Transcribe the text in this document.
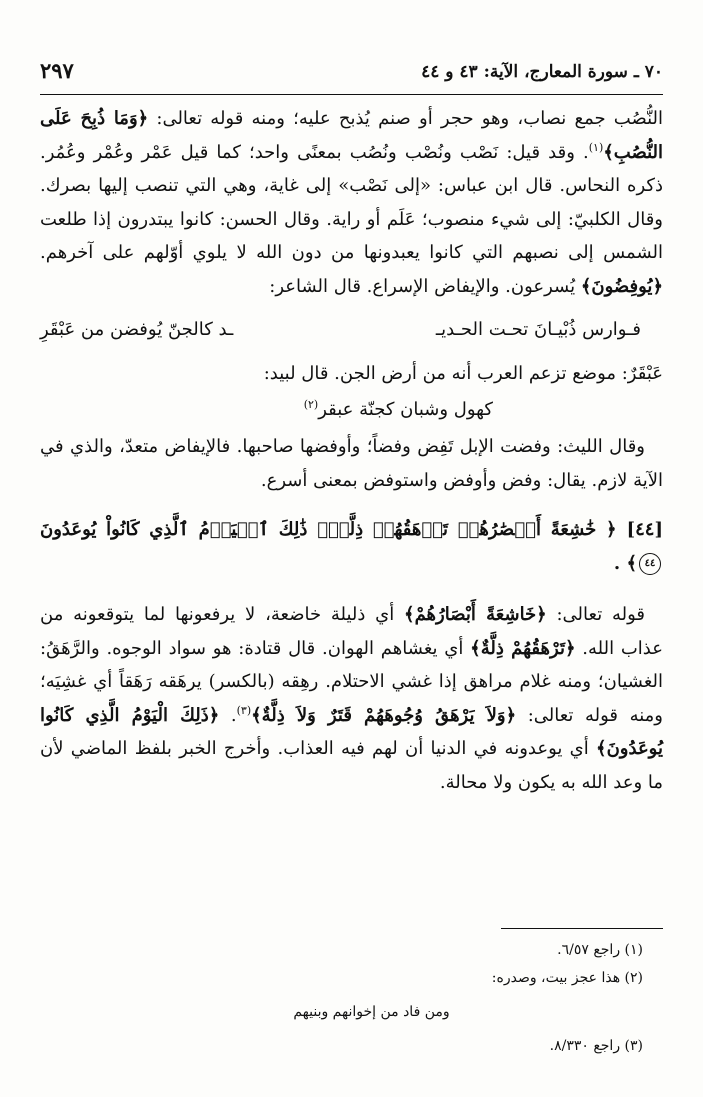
٧٠ ـ سورة المعارج، الآية: ٤٣ و ٤٤
٢٩٧

النُّصُب جمع نصاب، وهو حجر أو صنم يُذبح عليه؛ ومنه قوله تعالى: ﴿وَمَا ذُبِحَ عَلَى النُّصُبِ﴾$^{(١)}$. وقد قيل: نَصْب ونُصْب ونُصُب بمعنًى واحد؛ كما قيل عَمْر وعُمْر وعُمُر. ذكره النحاس. قال ابن عباس: «إلى نَصْب» إلى غاية، وهي التي تنصب إليها بصرك. وقال الكلبيّ: إلى شيء منصوب؛ عَلَم أو راية. وقال الحسن: كانوا يبتدرون إذا طلعت الشمس إلى نصبهم التي كانوا يعبدونها من دون الله لا يلوي أوّلهم على آخرهم. ﴿يُوفِضُونَ﴾ يُسرعون. والإيفاض الإسراع. قال الشاعر:

فـوارس ذُبْيـانَ تحـت الحـديـ
ـد كالجنّ يُوفضن من عَبْقَرِ

عَبْقَرٌ: موضع تزعم العرب أنه من أرض الجن. قال لبيد:

كهول وشبان كجنّة عبقر$^{(٢)}$

وقال الليث: وفضت الإبل تَفِض وفضاً؛ وأوفضها صاحبها. فالإيفاض متعدّ، والذي في الآية لازم. يقال: وفض وأوفض واستوفض بمعنى أسرع.

[٤٤]﴿ خَٰشِعَةً أَبۡصَٰرُهُمۡ تَرۡهَقُهُمۡ ذِلَّةٌۚ ذَٰلِكَ ٱلۡيَوۡمُ ٱلَّذِي كَانُواْ يُوعَدُونَ ٤٤﴾ .

قوله تعالى: ﴿خَاشِعَةً أَبْصَارُهُمْ﴾ أي ذليلة خاضعة، لا يرفعونها لما يتوقعونه من عذاب الله. ﴿تَرْهَقُهُمْ ذِلَّةٌ﴾ أي يغشاهم الهوان. قال قتادة: هو سواد الوجوه. والرَّهَقُ: الغشيان؛ ومنه غلام مراهق إذا غشي الاحتلام. رهِقه (بالكسر) يرهَقه رَهَقاً أي غشِيَه؛ ومنه قوله تعالى: ﴿وَلاَ يَرْهَقُ وُجُوهَهُمْ قَتَرٌ وَلاَ ذِلَّةٌ﴾$^{(٣)}$. ﴿ذَلِكَ الْيَوْمُ الَّذِي كَانُوا يُوعَدُونَ﴾ أي يوعدونه في الدنيا أن لهم فيه العذاب. وأخرج الخبر بلفظ الماضي لأن ما وعد الله به يكون ولا محالة.

(١) راجع ٦/٥٧.

(٢) هذا عجز بيت، وصدره:

ومن فاد من إخوانهم وبنيهم

(٣) راجع ٨/٣٣٠.
